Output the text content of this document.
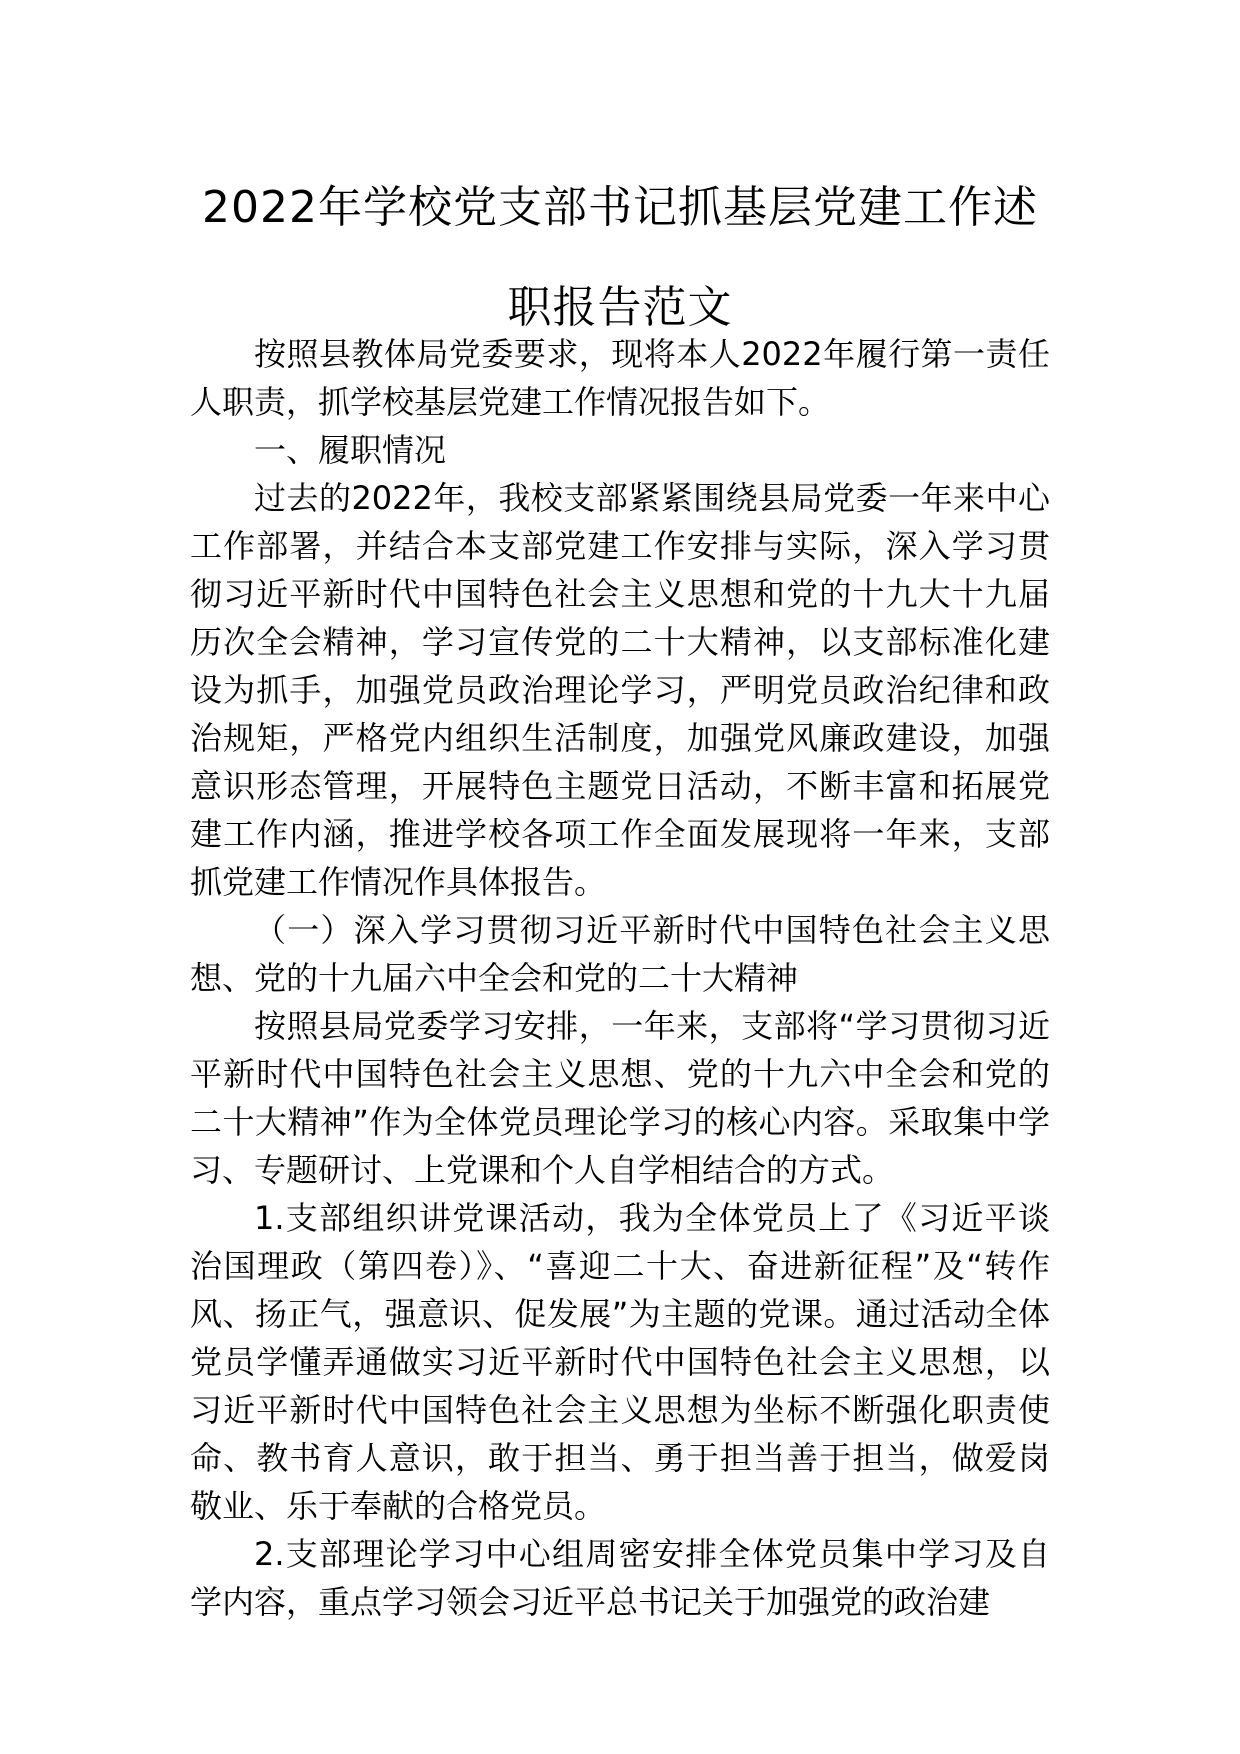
2022年学校党支部书记抓基层党建工作述
职报告范文

按照县教体局党委要求，现将本人2022年履行第一责任人职责，抓学校基层党建工作情况报告如下。

一、履职情况

过去的2022年，我校支部紧紧围绕县局党委一年来中心工作部署，并结合本支部党建工作安排与实际，深入学习贯彻习近平新时代中国特色社会主义思想和党的十九大十九届历次全会精神，学习宣传党的二十大精神，以支部标准化建设为抓手，加强党员政治理论学习，严明党员政治纪律和政治规矩，严格党内组织生活制度，加强党风廉政建设，加强意识形态管理，开展特色主题党日活动，不断丰富和拓展党建工作内涵，推进学校各项工作全面发展现将一年来，支部抓党建工作情况作具体报告。

（一）深入学习贯彻习近平新时代中国特色社会主义思想、党的十九届六中全会和党的二十大精神

按照县局党委学习安排，一年来，支部将“学习贯彻习近平新时代中国特色社会主义思想、党的十九六中全会和党的二十大精神”作为全体党员理论学习的核心内容。采取集中学习、专题研讨、上党课和个人自学相结合的方式。

1.支部组织讲党课活动，我为全体党员上了《习近平谈治国理政（第四卷）》、“喜迎二十大、奋进新征程”及“转作风、扬正气，强意识、促发展”为主题的党课。通过活动全体党员学懂弄通做实习近平新时代中国特色社会主义思想，以习近平新时代中国特色社会主义思想为坐标不断强化职责使命、教书育人意识，敢于担当、勇于担当善于担当，做爱岗敬业、乐于奉献的合格党员。

2.支部理论学习中心组周密安排全体党员集中学习及自学内容，重点学习领会习近平总书记关于加强党的政治建
